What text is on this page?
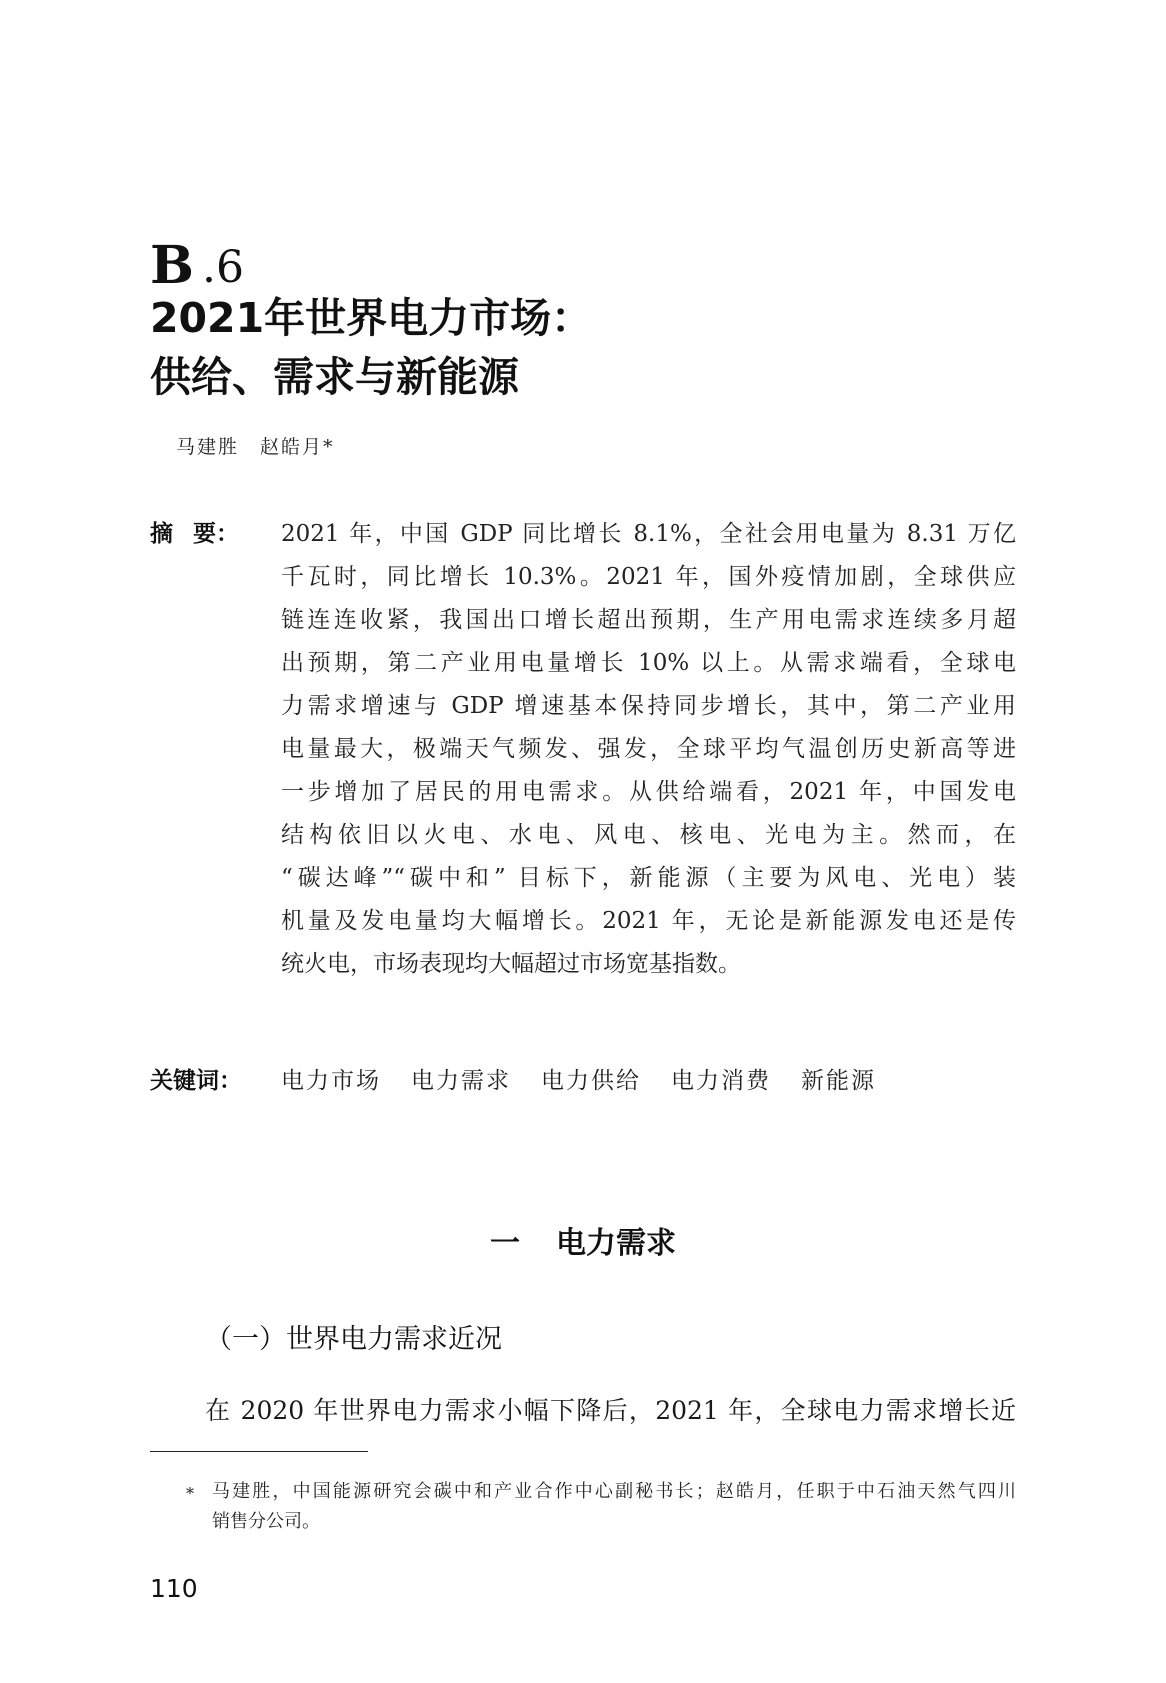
B .6
2021年世界电力市场：
供给、需求与新能源
马建胜　赵皓月*
摘 要： 2021 年，中国 GDP 同比增长 8.1%，全社会用电量为 8.31 万亿
千瓦时，同比增长 10.3%。2021 年，国外疫情加剧，全球供应
链连连收紧，我国出口增长超出预期，生产用电需求连续多月超
出预期，第二产业用电量增长 10% 以上。从需求端看，全球电
力需求增速与 GDP 增速基本保持同步增长，其中，第二产业用
电量最大，极端天气频发、强发，全球平均气温创历史新高等进
一步增加了居民的用电需求。从供给端看，2021 年，中国发电
结构依旧以火电、水电、风电、核电、光电为主。然而，在
“碳达峰”“碳中和” 目标下，新能源（主要为风电、光电）装
机量及发电量均大幅增长。2021 年，无论是新能源发电还是传
统火电，市场表现均大幅超过市场宽基指数。
关键词： 电力市场 电力需求 电力供给 电力消费 新能源
一 电力需求
（一）世界电力需求近况
在 2020 年世界电力需求小幅下降后，2021 年，全球电力需求增长近
* 马建胜，中国能源研究会碳中和产业合作中心副秘书长；赵皓月，任职于中石油天然气四川
销售分公司。
110
